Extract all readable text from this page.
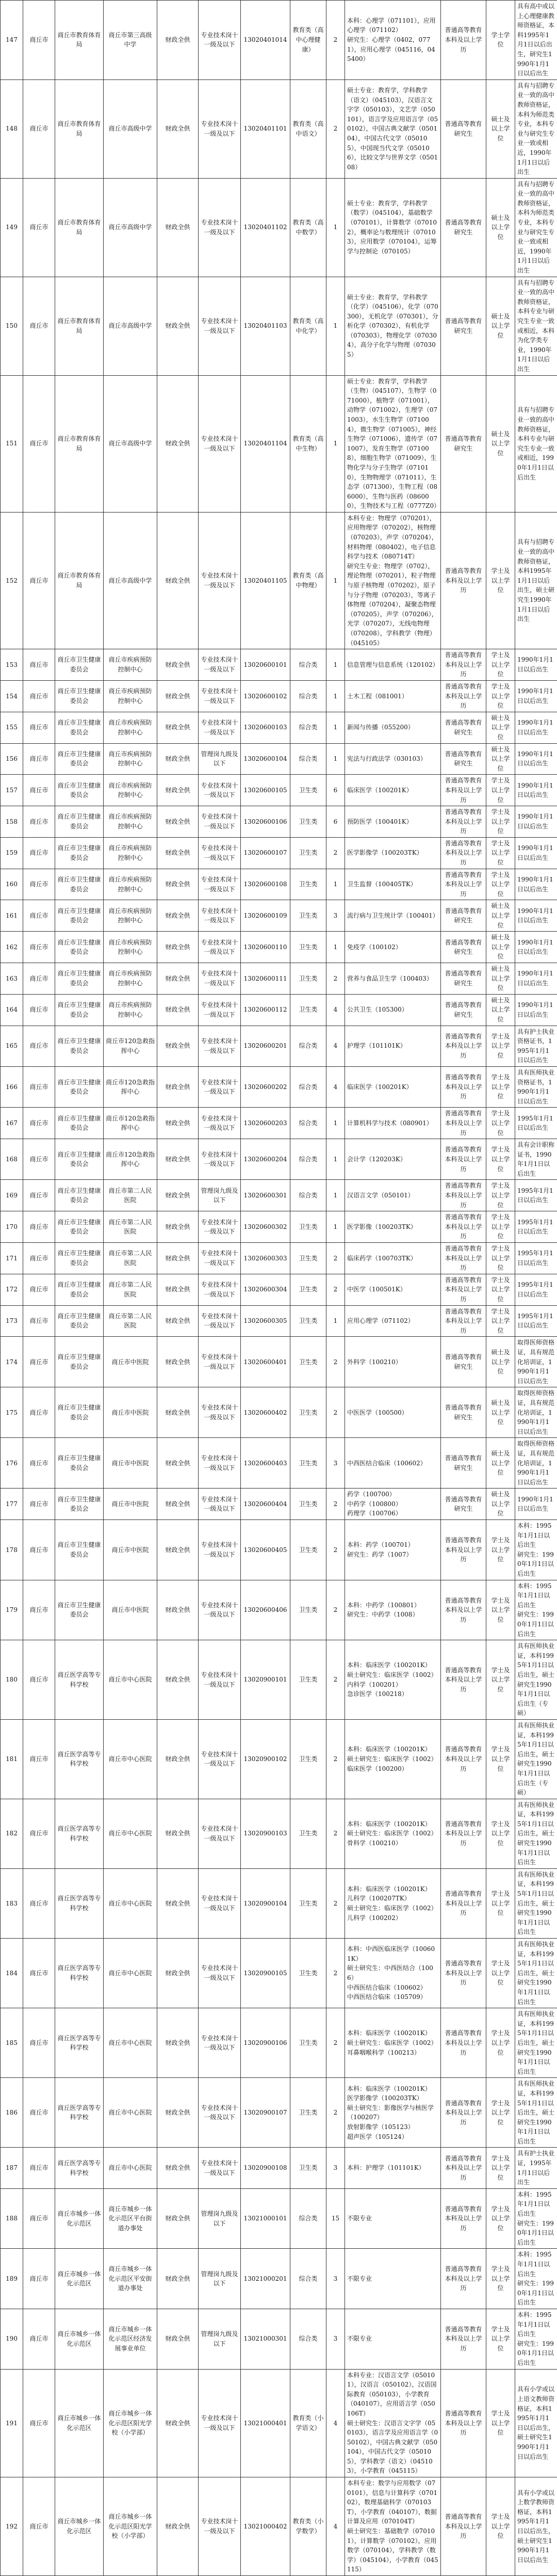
147	商丘市	商丘市教育体育局	商丘市第三高级中学	财政全供	专业技术岗十一级及以下	13020401014	教育类（高中心理健康）	2	本科：心理学（071101），应用心理学（071102）
研究生：心理学（0402，0771），应用心理学（045116，045400）	普通高等教育本科及以上学历	学士学位	具有高中或以上心理健康教师资格证，本科1995年1月1日以后出生，研究生1990年1月1日以后出生
148	商丘市	商丘市教育体育局	商丘市高级中学	财政全供	专业技术岗十一级及以下	13020401101	教育类（高中语文）	2	硕士专业：教育学，学科教学（语文）（045103），汉语言文字学（050103），文艺学（050101），语言学及应用语言学（050102），中国古典文献学（050104），中国古代文学（050105），中国现当代文学（050106），比较文学与世界文学（050108）	普通高等教育研究生	硕士及以上学位	具有与招聘专业一致的高中教师资格证，本科为师范类专业，本科专业与研究生专业一致或相近，1990年1月1日以后出生
149	商丘市	商丘市教育体育局	商丘市高级中学	财政全供	专业技术岗十一级及以下	13020401102	教育类（高中数学）	1	硕士专业：教育学，学科教学（数学）（045104），基础数学（070101），计算数学（070102），概率论与数理统计（070103），应用数学（070104），运筹学与控制论（070105）	普通高等教育研究生	硕士及以上学位	具有与招聘专业一致的高中教师资格证，本科为师范类专业，本科专业与研究生专业一致或相近，1990年1月1日以后出生
150	商丘市	商丘市教育体育局	商丘市高级中学	财政全供	专业技术岗十一级及以下	13020401103	教育类（高中化学）	1	硕士专业：教育学，学科教学（化学）（045106），化学（070300），无机化学（070301），分析化学（070302），有机化学（070303），物理化学（070304），高分子化学与物理（070305）	普通高等教育研究生	硕士及以上学位	具有与招聘专业一致的高中教师资格证，本科专业与研究生专业一致或相近，本科为化学类专业，1990年1月1日以后出生
151	商丘市	商丘市教育体育局	商丘市高级中学	财政全供	专业技术岗十一级及以下	13020401104	教育类（高中生物）	1	硕士专业：教育学，学科教学（生物）（045107），生物学（071000），植物学（071001），动物学（071002），生理学（071003），水生生物学（071004），微生物学（071005），神经生物学（071006），遗传学（071007），发育生物学（071008），细胞生物学（071009），生物化学与分子生物学（071010），生物物理学（071011），生态学（071300），生物工程（086000），生物与医药（086000），生物技术与工程（0777Z0）	普通高等教育研究生	硕士及以上学位	具有与招聘专业一致的高中教师资格证，本科专业与研究生专业一致或相近，1990年1月1日以后出生
152	商丘市	商丘市教育体育局	商丘市高级中学	财政全供	专业技术岗十一级及以下	13020401105	教育类（高中物理）	1	本科专业：物理学（070201），应用物理学（070202），核物理（070203），声学（070204），材料物理（080402），电子信息科学与技术（080714T）
研究生专业：物理学（0702），理论物理（070201），粒子物理与原子核物理（070202），原子与分子物理（070203），等离子体物理（070204），凝聚态物理（070205），声学（070206），光学（070207），无线电物理（070208），学科教学（物理）（045105）	普通高等教育本科及以上学历	学士及以上学位	具有与招聘专业一致的高中教师资格证，本科1995年1月1日以后出生，硕士研究生1990年1月1日以后出生
153	商丘市	商丘市卫生健康委员会	商丘市疾病预防控制中心	财政全供	专业技术岗十一级及以下	13020600101	综合类	1	信息管理与信息系统（120102）	普通高等教育本科及以上学历	学士及以上学位	1990年1月1日以后出生
154	商丘市	商丘市卫生健康委员会	商丘市疾病预防控制中心	财政全供	专业技术岗十一级及以下	13020600102	综合类	1	土木工程（081001）	普通高等教育本科及以上学历	学士及以上学位	1990年1月1日以后出生
155	商丘市	商丘市卫生健康委员会	商丘市疾病预防控制中心	财政全供	专业技术岗十一级及以下	13020600103	综合类	1	新闻与传播（055200）	普通高等教育研究生	硕士及以上学位	1990年1月1日以后出生
156	商丘市	商丘市卫生健康委员会	商丘市疾病预防控制中心	财政全供	管理岗九级及以下	13020600104	综合类	1	宪法与行政法学（030103）	普通高等教育研究生	硕士及以上学位	1990年1月1日以后出生
157	商丘市	商丘市卫生健康委员会	商丘市疾病预防控制中心	财政全供	专业技术岗十一级及以下	13020600105	卫生类	6	临床医学（100201K）	普通高等教育本科及以上学历	学士及以上学位	1990年1月1日以后出生
158	商丘市	商丘市卫生健康委员会	商丘市疾病预防控制中心	财政全供	专业技术岗十一级及以下	13020600106	卫生类	6	预防医学（100401K）	普通高等教育本科及以上学历	学士及以上学位	1990年1月1日以后出生
159	商丘市	商丘市卫生健康委员会	商丘市疾病预防控制中心	财政全供	专业技术岗十一级及以下	13020600107	卫生类	2	医学影像学（100203TK）	普通高等教育本科及以上学历	学士及以上学位	1990年1月1日以后出生
160	商丘市	商丘市卫生健康委员会	商丘市疾病预防控制中心	财政全供	专业技术岗十一级及以下	13020600108	卫生类	1	卫生监督（100405TK）	普通高等教育本科及以上学历	学士及以上学位	1990年1月1日以后出生
161	商丘市	商丘市卫生健康委员会	商丘市疾病预防控制中心	财政全供	专业技术岗十一级及以下	13020600109	卫生类	3	流行病与卫生统计学（100401）	普通高等教育研究生	硕士及以上学位	1990年1月1日以后出生
162	商丘市	商丘市卫生健康委员会	商丘市疾病预防控制中心	财政全供	专业技术岗十一级及以下	13020600110	卫生类	1	免疫学（100102）	普通高等教育研究生	硕士及以上学位	1990年1月1日以后出生
163	商丘市	商丘市卫生健康委员会	商丘市疾病预防控制中心	财政全供	专业技术岗十一级及以下	13020600111	卫生类	2	营养与食品卫生学（100403）	普通高等教育研究生	硕士及以上学位	1990年1月1日以后出生
164	商丘市	商丘市卫生健康委员会	商丘市疾病预防控制中心	财政全供	专业技术岗十一级及以下	13020600112	卫生类	4	公共卫生（105300）	普通高等教育研究生	硕士及以上学位	1990年1月1日以后出生
165	商丘市	商丘市卫生健康委员会	商丘市120急救指挥中心	财政全供	专业技术岗十一级及以下	13020600201	综合类	4	护理学（101101K）	普通高等教育本科及以上学历	学士及以上学位	具有护士执业资格证书，1995年1月1日以后出生
166	商丘市	商丘市卫生健康委员会	商丘市120急救指挥中心	财政全供	专业技术岗十一级及以下	13020600202	综合类	4	临床医学（100201K）	普通高等教育本科及以上学历	学士及以上学位	具有医师执业资格证书，1990年1月1日以后出生
167	商丘市	商丘市卫生健康委员会	商丘市120急救指挥中心	财政全供	专业技术岗十一级及以下	13020600203	综合类	1	计算机科学与技术（080901）	普通高等教育本科及以上学历	学士及以上学位	1995年1月1日以后出生
168	商丘市	商丘市卫生健康委员会	商丘市120急救指挥中心	财政全供	专业技术岗十一级及以下	13020600204	综合类	1	会计学（120203K）	普通高等教育本科及以上学历	学士及以上学位	具有会计职称证书，1990年1月1日以后出生
169	商丘市	商丘市卫生健康委员会	商丘市第二人民医院	财政全供	管理岗九级及以下	13020600301	综合类	1	汉语言文学（050101）	普通高等教育本科及以上学历	学士及以上学位	1995年1月1日以后出生
170	商丘市	商丘市卫生健康委员会	商丘市第二人民医院	财政全供	专业技术岗十一级及以下	13020600302	卫生类	1	医学影像（100203TK）	普通高等教育本科及以上学历	学士及以上学位	1995年1月1日以后出生
171	商丘市	商丘市卫生健康委员会	商丘市第二人民医院	财政全供	专业技术岗十一级及以下	13020600303	卫生类	2	临床药学（100703TK）	普通高等教育本科及以上学历	学士及以上学位	1995年1月1日以后出生
172	商丘市	商丘市卫生健康委员会	商丘市第二人民医院	财政全供	专业技术岗十一级及以下	13020600304	卫生类	2	中医学（100501K）	普通高等教育本科及以上学历	学士及以上学位	1995年1月1日以后出生
173	商丘市	商丘市卫生健康委员会	商丘市第二人民医院	财政全供	专业技术岗十一级及以下	13020600305	卫生类	1	应用心理学（071102）	普通高等教育本科及以上学历	学士及以上学位	1995年1月1日以后出生
174	商丘市	商丘市卫生健康委员会	商丘市中医院	财政全供	专业技术岗十一级及以下	13020600401	卫生类	2	外科学（100210）	普通高等教育研究生	硕士及以上学位	取得医师资格证，具有规范化培训证，1990年1月1日以后出生
175	商丘市	商丘市卫生健康委员会	商丘市中医院	财政全供	专业技术岗十一级及以下	13020600402	卫生类	2	中医医学（100500）	普通高等教育研究生	硕士及以上学位	取得医师资格证，具有规范化培训证，1990年1月1日以后出生
176	商丘市	商丘市卫生健康委员会	商丘市中医院	财政全供	专业技术岗十一级及以下	13020600403	卫生类	3	中西医结合临床（100602）	普通高等教育研究生	硕士及以上学位	取得医师资格证，具有规范化培训证，1990年1月1日以后出生
177	商丘市	商丘市卫生健康委员会	商丘市中医院	财政全供	专业技术岗十一级及以下	13020600404	卫生类	2	药学（100700）
中药学（100800）
药理学（100706）	普通高等教育研究生	硕士及以上学位	1990年1月1日以后出生
178	商丘市	商丘市卫生健康委员会	商丘市中医院	财政全供	专业技术岗十一级及以下	13020600405	卫生类	2	本科：药学（100701）
研究生：药学（1007）	普通高等教育本科及以上学历	学士及以上学位	本科：1995年1月1日以后出生
研究生：1990年1月1日以后出生
179	商丘市	商丘市卫生健康委员会	商丘市中医院	财政全供	专业技术岗十一级及以下	13020600406	卫生类	2	本科：中药学（100801）
研究生：中药学（1008）	普通高等教育本科及以上学历	学士及以上学位	本科：1995年1月1日以后出生
研究生：1990年1月1日以后出生
180	商丘市	商丘医学高等专科学校	商丘市中心医院	财政全供	专业技术岗十一级及以下	13020900101	卫生类	2	本科：临床医学（100201K）
硕士研究生：临床医学（1002）
内科学（100201）
急诊医学（100218）	普通高等教育本科及以上学历	学士及以上学位	具有医师执业证，本科1995年1月1日以后出生，硕士研究生1990年1月1日以后出生（专硕）
181	商丘市	商丘医学高等专科学校	商丘市中心医院	财政全供	专业技术岗十一级及以下	13020900102	卫生类	2	本科：临床医学（100201K）
硕士研究生：临床医学（1002）
临床医学（100200）	普通高等教育本科及以上学历	学士及以上学位	具有医师执业证，本科1995年1月1日以后出生，硕士研究生1990年1月1日以后出生（专硕）
182	商丘市	商丘医学高等专科学校	商丘市中心医院	财政全供	专业技术岗十一级及以下	13020900103	卫生类	2	本科：临床医学（100201K）
硕士研究生：临床医学（1002）
骨科学（100210）	普通高等教育本科及以上学历	学士及以上学位	具有医师执业证，本科1995年1月1日以后出生，硕士研究生1990年1月1日以后出生
183	商丘市	商丘医学高等专科学校	商丘市中心医院	财政全供	专业技术岗十一级及以下	13020900104	卫生类	2	本科：临床医学（100201K）
儿科学（100207TK）
硕士研究生：临床医学（1002）
儿科学（100202）	普通高等教育本科及以上学历	学士及以上学位	具有医师执业证，本科1995年1月1日以后出生，硕士研究生1990年1月1日以后出生
184	商丘市	商丘医学高等专科学校	商丘市中心医院	财政全供	专业技术岗十一级及以下	13020900105	卫生类	2	本科：中西医临床医学（100601K）
硕士研究生：中西医结合（1006）
中西医结合临床（100602）
中西医结合临床（105709）	普通高等教育本科及以上学历	学士及以上学位	具有医师执业证，本科1995年1月1日以后出生，硕士研究生1990年1月1日以后出生
185	商丘市	商丘医学高等专科学校	商丘市中心医院	财政全供	专业技术岗十一级及以下	13020900106	卫生类	2	本科：临床医学（100201K）
硕士研究生：临床医学（1002）
耳鼻咽喉科学（100213）	普通高等教育本科及以上学历	学士及以上学位	具有医师执业证，本科1995年1月1日以后出生，硕士研究生1990年1月1日以后出生
186	商丘市	商丘医学高等专科学校	商丘市中心医院	财政全供	专业技术岗十一级及以下	13020900107	卫生类	2	本科：临床医学（100201K）
医学影像学（100203TK）
硕士研究生：影像医学与核医学（100207）
放射影像学（105123）
超声医学（105124）	普通高等教育本科及以上学历	学士及以上学位	具有医师执业证，本科1995年1月1日以后出生，硕士研究生1990年1月1日以后出生
187	商丘市	商丘医学高等专科学校	商丘市中心医院	财政全供	专业技术岗十一级及以下	13020900108	卫生类	3	本科：护理学（101101K）	普通高等教育本科及以上学历	学士及以上学位	具有护士执业证，1995年1月1日以后出生
188	商丘市	商丘市城乡一体化示范区	商丘市城乡一体化示范区平台街道办事处	财政全供	管理岗九级及以下	13021000101	综合类	15	不限专业	普通高等教育本科及以上学历	学士及以上学位	本科：1995年1月1日以后出生
研究生：1990年1月1日以后出生
189	商丘市	商丘市城乡一体化示范区	商丘市城乡一体化示范区平安街道办事处	财政全供	管理岗九级及以下	13021000201	综合类	3	不限专业	普通高等教育本科及以上学历	学士及以上学位	本科：1995年1月1日以后出生
研究生：1990年1月1日以后出生
190	商丘市	商丘市城乡一体化示范区	商丘市城乡一体化示范区经济发展事业单位	财政全供	管理岗九级及以下	13021000301	综合类	3	不限专业	普通高等教育本科及以上学历	学士及以上学位	本科：1995年1月1日以后出生
研究生：1990年1月1日以后出生
191	商丘市	商丘市城乡一体化示范区	商丘市城乡一体化示范区阳光学校（小学部）	财政全供	专业技术岗十一级及以下	13021000401	教育类（小学语文）	4	本科专业：汉语言文学（050101），汉语言（050102），汉语国际教育（050103），小学教育（040107），应用语言学（050106T）
硕士研究生：汉语言文字学（050103），语言学及应用语言学（050102），中国古典文献学（050104），中国古代文学（050105），学科教学（语文）（045103），小学教育（045115）	普通高等教育本科及以上学历	学士及以上学位	具有小学或以上语文教师资格证，本科1995年1月1日以后出生，硕士研究生1990年1月1日以后出生
192	商丘市	商丘市城乡一体化示范区	商丘市城乡一体化示范区阳光学校（小学部）	财政全供	专业技术岗十一级及以下	13021000402	教育类（小学数学）	4	本科专业：数学与应用数学（070101），信息与计算科学（070102），数理基础科学（070103T），小学教育（040107），数据计算及应用（070104T）
硕士研究生：基础数学（070101），计算数学（070102），应用数学（070104），学科教学（数学）（045104），小学教育（045115）	普通高等教育本科及以上学历	学士及以上学位	具有小学或以上数学教师资格证，本科1995年1月1日以后出生，硕士研究生1990年1月1日以后出生
